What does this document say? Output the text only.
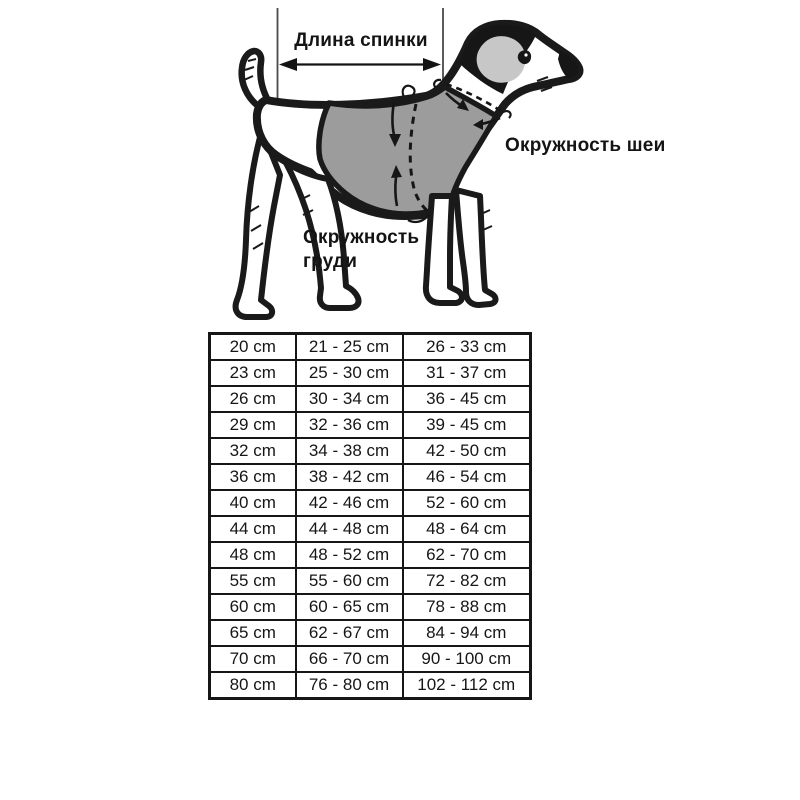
Длина спинки
Окружность шеи
Окружность груди
20 cm	21 - 25 cm	26 - 33 cm
23 cm	25 - 30 cm	31 - 37 cm
26 cm	30 - 34 cm	36 - 45 cm
29 cm	32 - 36 cm	39 - 45 cm
32 cm	34 - 38 cm	42 - 50 cm
36 cm	38 - 42 cm	46 - 54 cm
40 cm	42 - 46 cm	52 - 60 cm
44 cm	44 - 48 cm	48 - 64 cm
48 cm	48 - 52 cm	62 - 70 cm
55 cm	55 - 60 cm	72 - 82 cm
60 cm	60 - 65 cm	78 - 88 cm
65 cm	62 - 67 cm	84 - 94 cm
70 cm	66 - 70 cm	90 - 100 cm
80 cm	76 - 80 cm	102 - 112 cm
